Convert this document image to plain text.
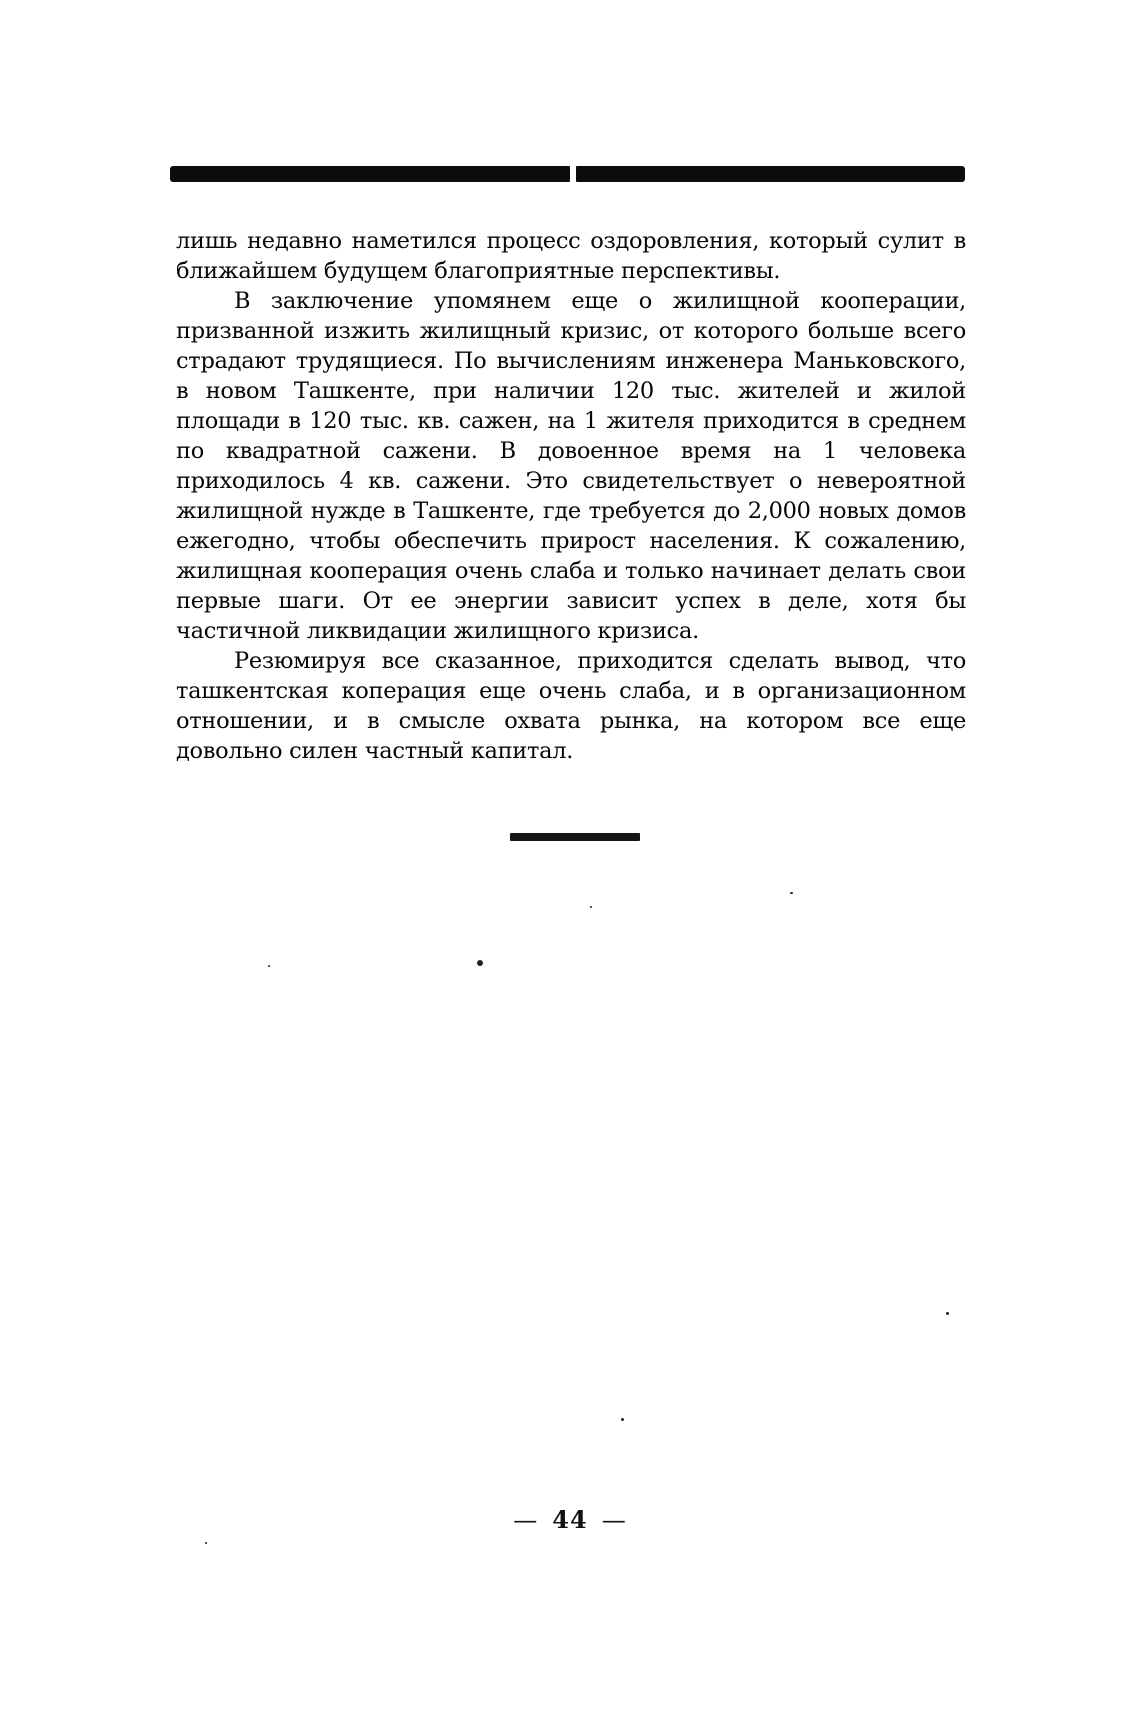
лишь недавно наметился процесс оздоровления, который сулит в ближайшем будущем благоприятные перспективы.

В заключение упомянем еще о жилищной кооперации, призванной изжить жилищный кризис, от которого больше всего страдают трудящиеся. По вычислениям инженера Маньковского, в новом Ташкенте, при наличии 120 тыс. жителей и жилой площади в 120 тыс. кв. сажен, на 1 жителя приходится в среднем по квадратной сажени. В довоенное время на 1 человека приходилось 4 кв. сажени. Это свидетельствует о невероятной жилищной нужде в Ташкенте, где требуется до 2,000 новых домов ежегодно, чтобы обеспечить прирост населения. К сожалению, жилищная кооперация очень слаба и только начинает делать свои первые шаги. От ее энергии зависит успех в деле, хотя бы частичной ликвидации жилищного кризиса.

Резюмируя все сказанное, приходится сделать вывод, что ташкентская коперация еще очень слаба, и в организационном отношении, и в смысле охвата рынка, на котором все еще довольно силен частный капитал.

— 44 —
